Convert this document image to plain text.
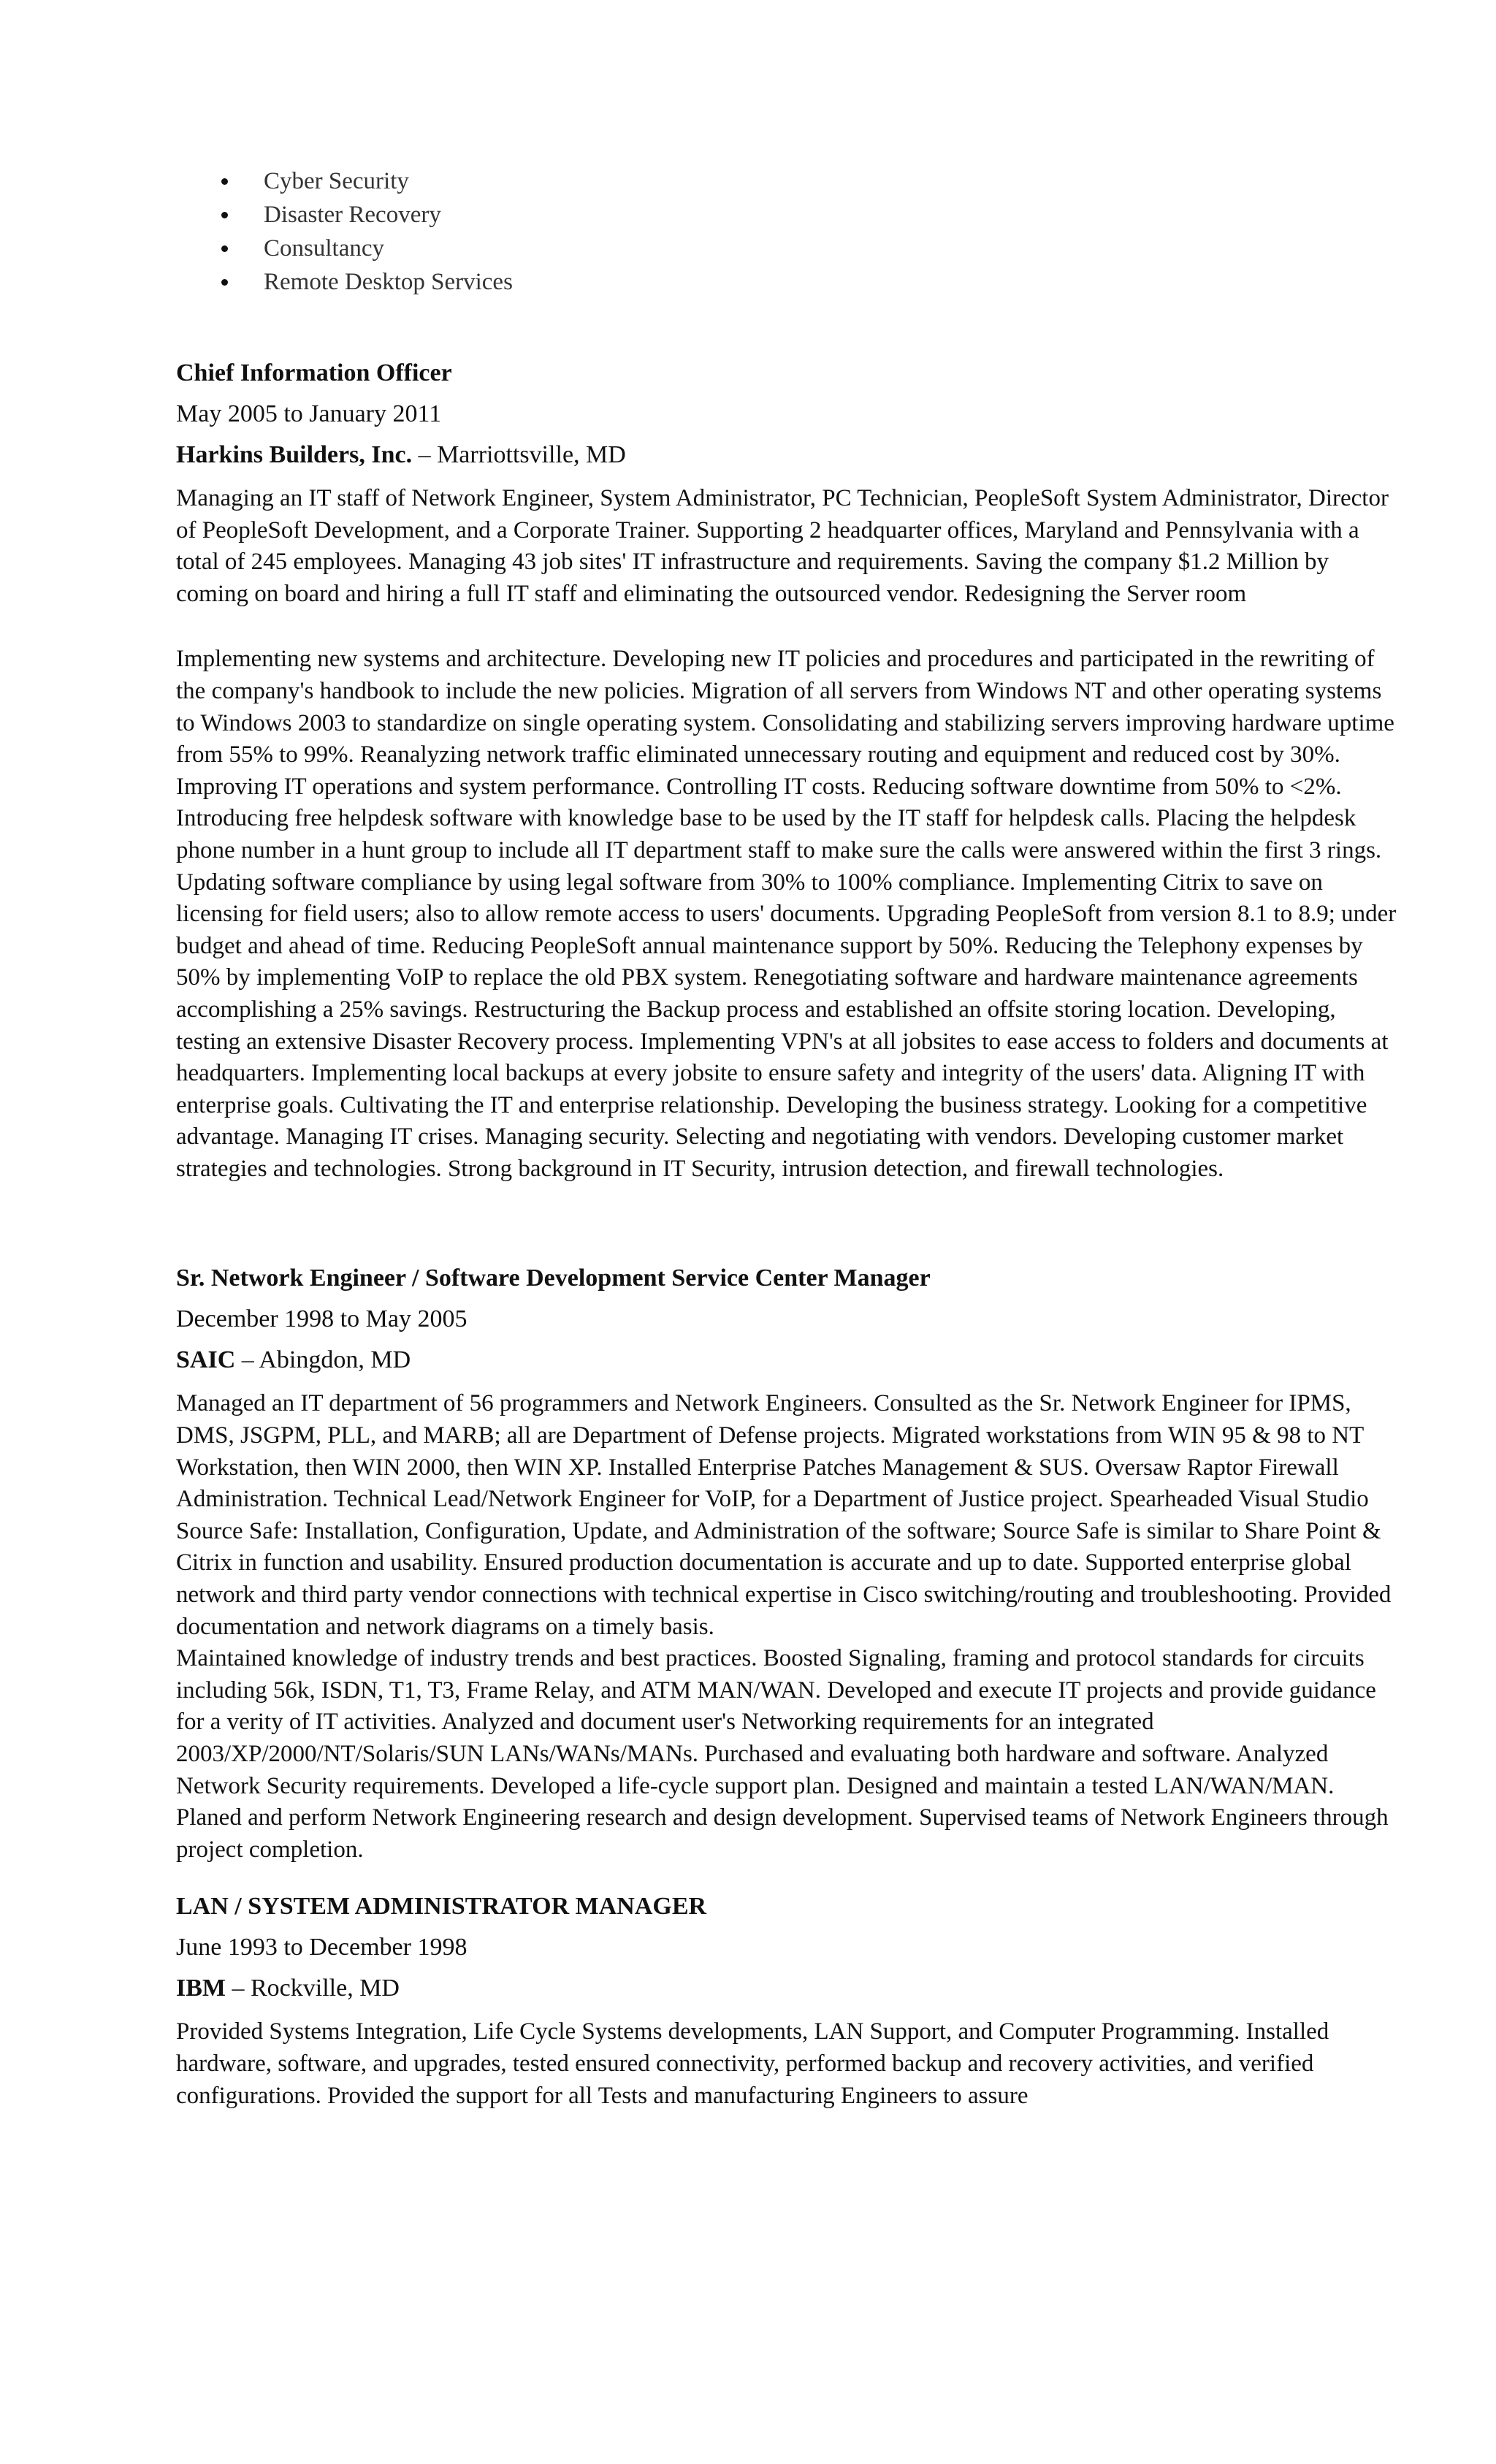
Cyber Security
Disaster Recovery
Consultancy
Remote Desktop Services
Chief Information Officer
May 2005 to January 2011
Harkins Builders, Inc. – Marriottsville, MD

Managing an IT staff of Network Engineer, System Administrator, PC Technician, PeopleSoft System Administrator, Director of PeopleSoft Development, and a Corporate Trainer. Supporting 2 headquarter offices, Maryland and Pennsylvania with a total of 245 employees. Managing 43 job sites' IT infrastructure and requirements. Saving the company $1.2 Million by coming on board and hiring a full IT staff and eliminating the outsourced vendor. Redesigning the Server room

Implementing new systems and architecture. Developing new IT policies and procedures and participated in the rewriting of the company's handbook to include the new policies. Migration of all servers from Windows NT and other operating systems to Windows 2003 to standardize on single operating system. Consolidating and stabilizing servers improving hardware uptime from 55% to 99%. Reanalyzing network traffic eliminated unnecessary routing and equipment and reduced cost by 30%. Improving IT operations and system performance. Controlling IT costs. Reducing software downtime from 50% to <2%. Introducing free helpdesk software with knowledge base to be used by the IT staff for helpdesk calls. Placing the helpdesk phone number in a hunt group to include all IT department staff to make sure the calls were answered within the first 3 rings. Updating software compliance by using legal software from 30% to 100% compliance. Implementing Citrix to save on licensing for field users; also to allow remote access to users' documents. Upgrading PeopleSoft from version 8.1 to 8.9; under budget and ahead of time. Reducing PeopleSoft annual maintenance support by 50%. Reducing the Telephony expenses by 50% by implementing VoIP to replace the old PBX system. Renegotiating software and hardware maintenance agreements accomplishing a 25% savings. Restructuring the Backup process and established an offsite storing location. Developing, testing an extensive Disaster Recovery process. Implementing VPN's at all jobsites to ease access to folders and documents at headquarters. Implementing local backups at every jobsite to ensure safety and integrity of the users' data. Aligning IT with enterprise goals. Cultivating the IT and enterprise relationship. Developing the business strategy. Looking for a competitive advantage. Managing IT crises. Managing security. Selecting and negotiating with vendors. Developing customer market strategies and technologies. Strong background in IT Security, intrusion detection, and firewall technologies.

Sr. Network Engineer / Software Development Service Center Manager
December 1998 to May 2005
SAIC – Abingdon, MD

Managed an IT department of 56 programmers and Network Engineers. Consulted as the Sr. Network Engineer for IPMS, DMS, JSGPM, PLL, and MARB; all are Department of Defense projects. Migrated workstations from WIN 95 & 98 to NT Workstation, then WIN 2000, then WIN XP. Installed Enterprise Patches Management & SUS. Oversaw Raptor Firewall Administration. Technical Lead/Network Engineer for VoIP, for a Department of Justice project. Spearheaded Visual Studio Source Safe: Installation, Configuration, Update, and Administration of the software; Source Safe is similar to Share Point & Citrix in function and usability. Ensured production documentation is accurate and up to date. Supported enterprise global network and third party vendor connections with technical expertise in Cisco switching/routing and troubleshooting. Provided documentation and network diagrams on a timely basis.

Maintained knowledge of industry trends and best practices. Boosted Signaling, framing and protocol standards for circuits including 56k, ISDN, T1, T3, Frame Relay, and ATM MAN/WAN. Developed and execute IT projects and provide guidance for a verity of IT activities. Analyzed and document user's Networking requirements for an integrated 2003/XP/2000/NT/Solaris/SUN LANs/WANs/MANs. Purchased and evaluating both hardware and software. Analyzed Network Security requirements. Developed a life-cycle support plan. Designed and maintain a tested LAN/WAN/MAN. Planed and perform Network Engineering research and design development. Supervised teams of Network Engineers through project completion.

LAN / SYSTEM ADMINISTRATOR MANAGER
June 1993 to December 1998
IBM – Rockville, MD

Provided Systems Integration, Life Cycle Systems developments, LAN Support, and Computer Programming. Installed hardware, software, and upgrades, tested ensured connectivity, performed backup and recovery activities, and verified configurations. Provided the support for all Tests and manufacturing Engineers to assure
